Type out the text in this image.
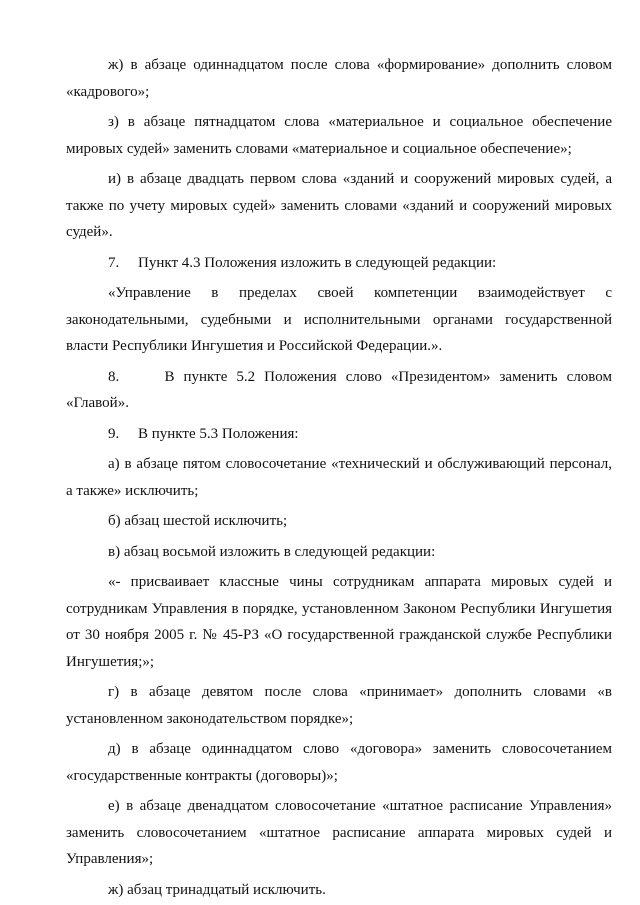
ж) в абзаце одиннадцатом после слова «формирование» дополнить словом «кадрового»;

з) в абзаце пятнадцатом слова «материальное и социальное обеспечение мировых судей» заменить словами «материальное и социальное обеспечение»;

и) в абзаце двадцать первом слова «зданий и сооружений мировых судей, а также по учету мировых судей» заменить словами «зданий и сооружений мировых судей».

7.     Пункт 4.3 Положения изложить в следующей редакции:

«Управление в пределах своей компетенции взаимодействует с законодательными, судебными и исполнительными органами государственной власти Республики Ингушетия и Российской Федерации.».

8.     В пункте 5.2 Положения слово «Президентом» заменить словом «Главой».

9.     В пункте 5.3 Положения:

а) в абзаце пятом словосочетание «технический и обслуживающий персонал, а также» исключить;

б) абзац шестой исключить;

в) абзац восьмой изложить в следующей редакции:

«- присваивает классные чины сотрудникам аппарата мировых судей и сотрудникам Управления в порядке, установленном Законом Республики Ингушетия от 30 ноября 2005 г. № 45-РЗ «О государственной гражданской службе Республики Ингушетия;»;

г) в абзаце девятом после слова «принимает» дополнить словами «в установленном законодательством порядке»;

д) в абзаце одиннадцатом слово «договора» заменить словосочетанием «государственные контракты (договоры)»;

е) в абзаце двенадцатом словосочетание «штатное расписание Управления» заменить словосочетанием «штатное расписание аппарата мировых судей и Управления»;

ж) абзац тринадцатый исключить.
